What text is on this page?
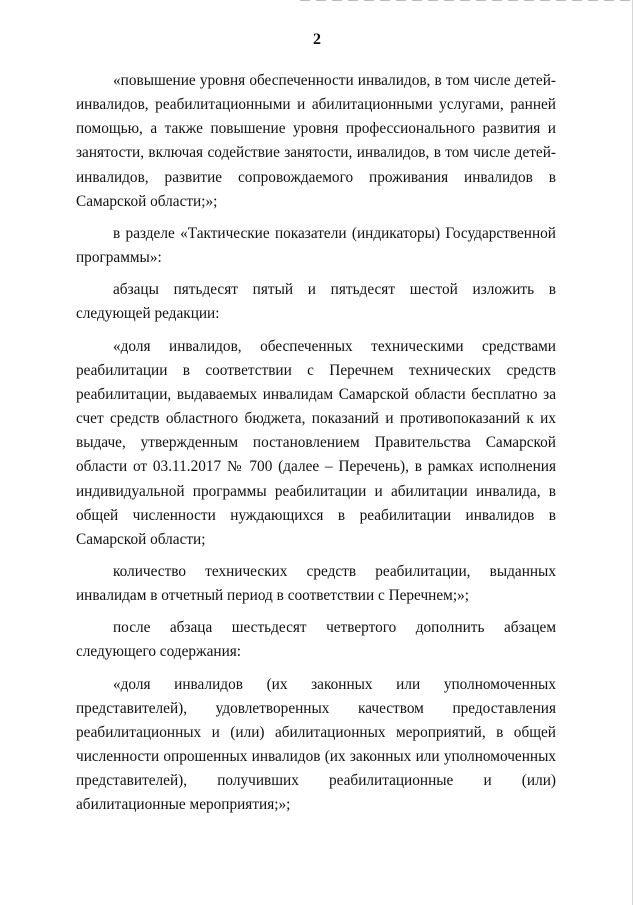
2

«повышение уровня обеспеченности инвалидов, в том числе детей-инвалидов, реабилитационными и абилитационными услугами, ранней помощью, а также повышение уровня профессионального развития и занятости, включая содействие занятости, инвалидов, в том числе детей-инвалидов, развитие сопровождаемого проживания инвалидов в Самарской области;»;

в разделе «Тактические показатели (индикаторы) Государственной программы»:

абзацы пятьдесят пятый и пятьдесят шестой изложить в следующей редакции:

«доля инвалидов, обеспеченных техническими средствами реабилитации в соответствии с Перечнем технических средств реабилитации, выдаваемых инвалидам Самарской области бесплатно за счет средств областного бюджета, показаний и противопоказаний к их выдаче, утвержденным постановлением Правительства Самарской области от 03.11.2017 № 700 (далее – Перечень), в рамках исполнения индивидуальной программы реабилитации и абилитации инвалида, в общей численности нуждающихся в реабилитации инвалидов в Самарской области;

количество технических средств реабилитации, выданных инвалидам в отчетный период в соответствии с Перечнем;»;

после абзаца шестьдесят четвертого дополнить абзацем следующего содержания:

«доля инвалидов (их законных или уполномоченных представителей), удовлетворенных качеством предоставления реабилитационных и (или) абилитационных мероприятий, в общей численности опрошенных инвалидов (их законных или уполномоченных представителей), получивших реабилитационные и (или) абилитационные мероприятия;»;
